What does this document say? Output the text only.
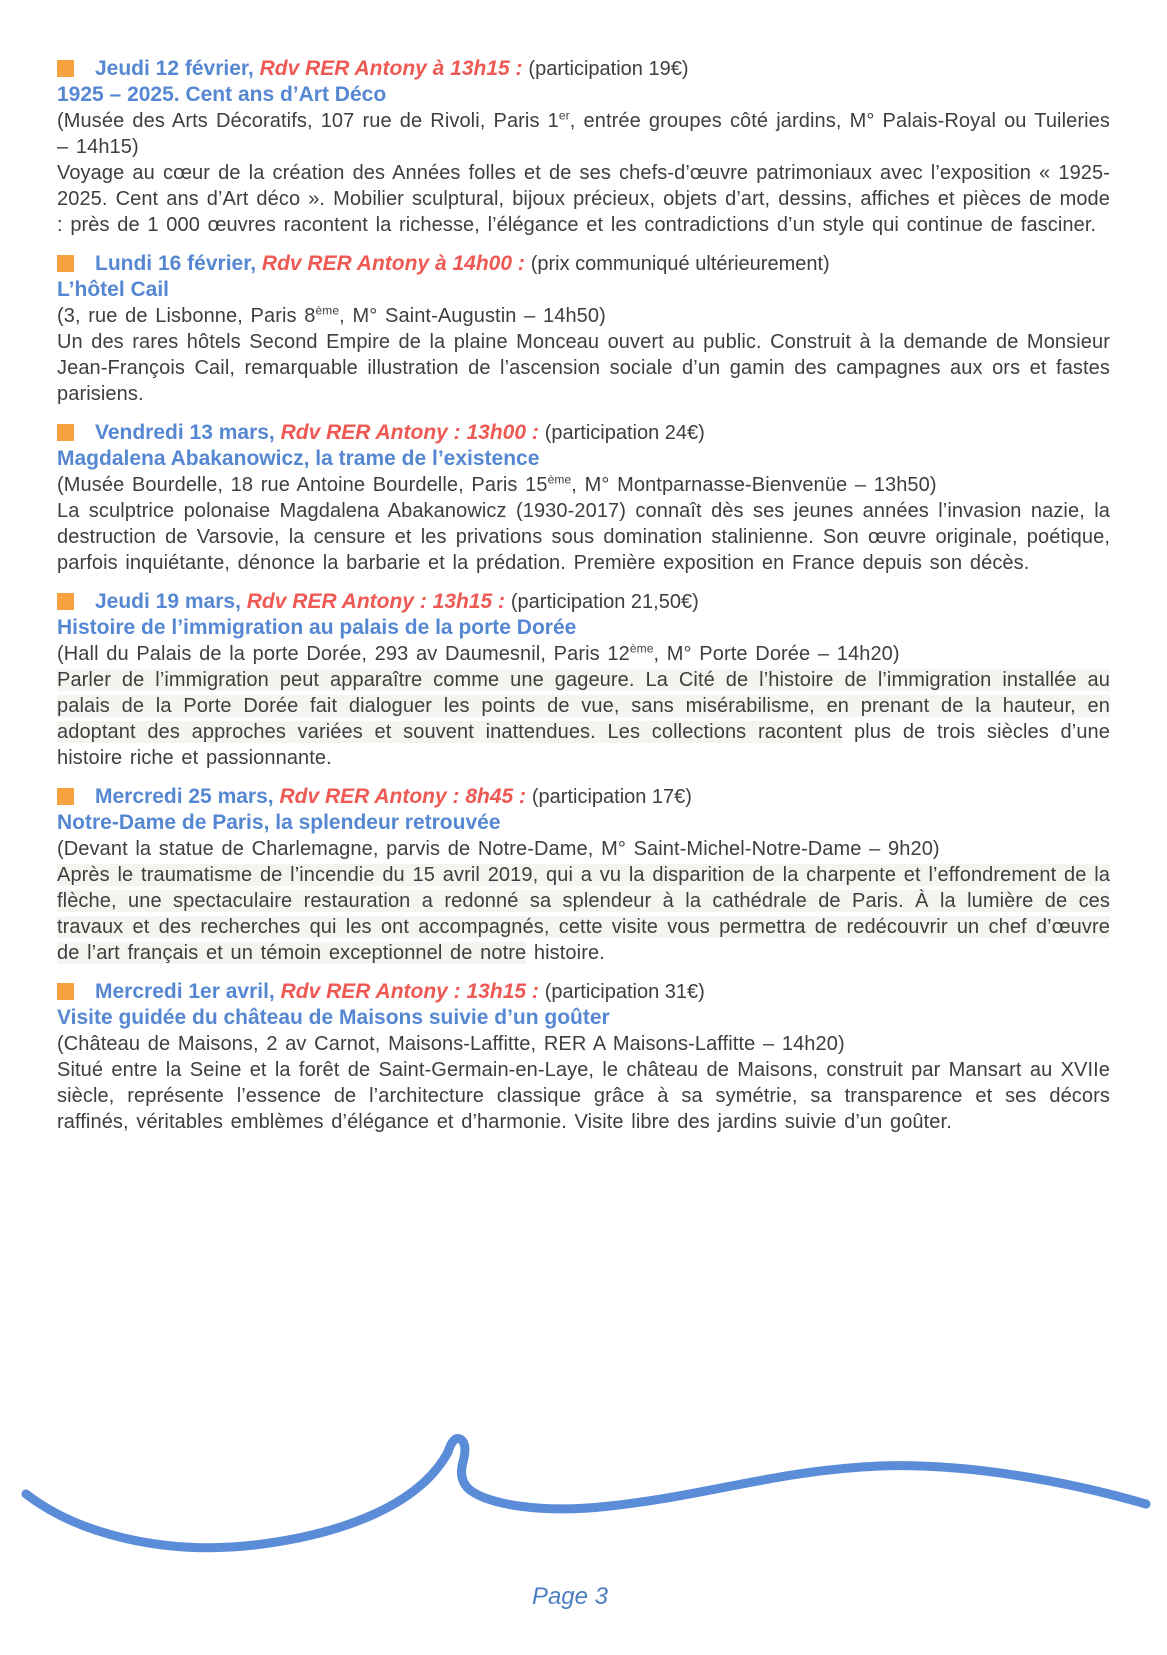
Jeudi 12 février, Rdv RER Antony à 13h15 : (participation 19€)
1925 – 2025. Cent ans d’Art Déco
(Musée des Arts Décoratifs, 107 rue de Rivoli, Paris 1er, entrée groupes côté jardins, M° Palais-Royal ou Tuileries – 14h15)
Voyage au cœur de la création des Années folles et de ses chefs-d’œuvre patrimoniaux avec l’exposition « 1925-2025. Cent ans d’Art déco ». Mobilier sculptural, bijoux précieux, objets d’art, dessins, affiches et pièces de mode : près de 1 000 œuvres racontent la richesse, l’élégance et les contradictions d’un style qui continue de fasciner.
Lundi 16 février, Rdv RER Antony à 14h00 : (prix communiqué ultérieurement)
L’hôtel Cail
(3, rue de Lisbonne, Paris 8ème, M° Saint-Augustin – 14h50)
Un des rares hôtels Second Empire de la plaine Monceau ouvert au public. Construit à la demande de Monsieur Jean-François Cail, remarquable illustration de l’ascension sociale d’un gamin des campagnes aux ors et fastes parisiens.
Vendredi 13 mars, Rdv RER Antony : 13h00 : (participation 24€)
Magdalena Abakanowicz, la trame de l’existence
(Musée Bourdelle, 18 rue Antoine Bourdelle, Paris 15ème, M° Montparnasse-Bienvenüe – 13h50)
La sculptrice polonaise Magdalena Abakanowicz (1930-2017) connaît dès ses jeunes années l’invasion nazie, la destruction de Varsovie, la censure et les privations sous domination stalinienne. Son œuvre originale, poétique, parfois inquiétante, dénonce la barbarie et la prédation. Première exposition en France depuis son décès.
Jeudi 19 mars, Rdv RER Antony : 13h15 : (participation 21,50€)
Histoire de l’immigration au palais de la porte Dorée
(Hall du Palais de la porte Dorée, 293 av Daumesnil, Paris 12ème, M° Porte Dorée – 14h20)
Parler de l’immigration peut apparaître comme une gageure. La Cité de l’histoire de l’immigration installée au palais de la Porte Dorée fait dialoguer les points de vue, sans misérabilisme, en prenant de la hauteur, en adoptant des approches variées et souvent inattendues. Les collections racontent plus de trois siècles d’une histoire riche et passionnante.
Mercredi 25 mars, Rdv RER Antony : 8h45 : (participation 17€)
Notre-Dame de Paris, la splendeur retrouvée
(Devant la statue de Charlemagne, parvis de Notre-Dame, M° Saint-Michel-Notre-Dame – 9h20)
Après le traumatisme de l’incendie du 15 avril 2019, qui a vu la disparition de la charpente et l’effondrement de la flèche, une spectaculaire restauration a redonné sa splendeur à la cathédrale de Paris. À la lumière de ces travaux et des recherches qui les ont accompagnés, cette visite vous permettra de redécouvrir un chef d’œuvre de l’art français et un témoin exceptionnel de notre histoire.
Mercredi 1er avril, Rdv RER Antony : 13h15 : (participation 31€)
Visite guidée du château de Maisons suivie d’un goûter
(Château de Maisons, 2 av Carnot, Maisons-Laffitte, RER A Maisons-Laffitte – 14h20)
Situé entre la Seine et la forêt de Saint-Germain-en-Laye, le château de Maisons, construit par Mansart au XVIIe siècle, représente l’essence de l’architecture classique grâce à sa symétrie, sa transparence et ses décors raffinés, véritables emblèmes d’élégance et d’harmonie. Visite libre des jardins suivie d’un goûter.
Page 3
